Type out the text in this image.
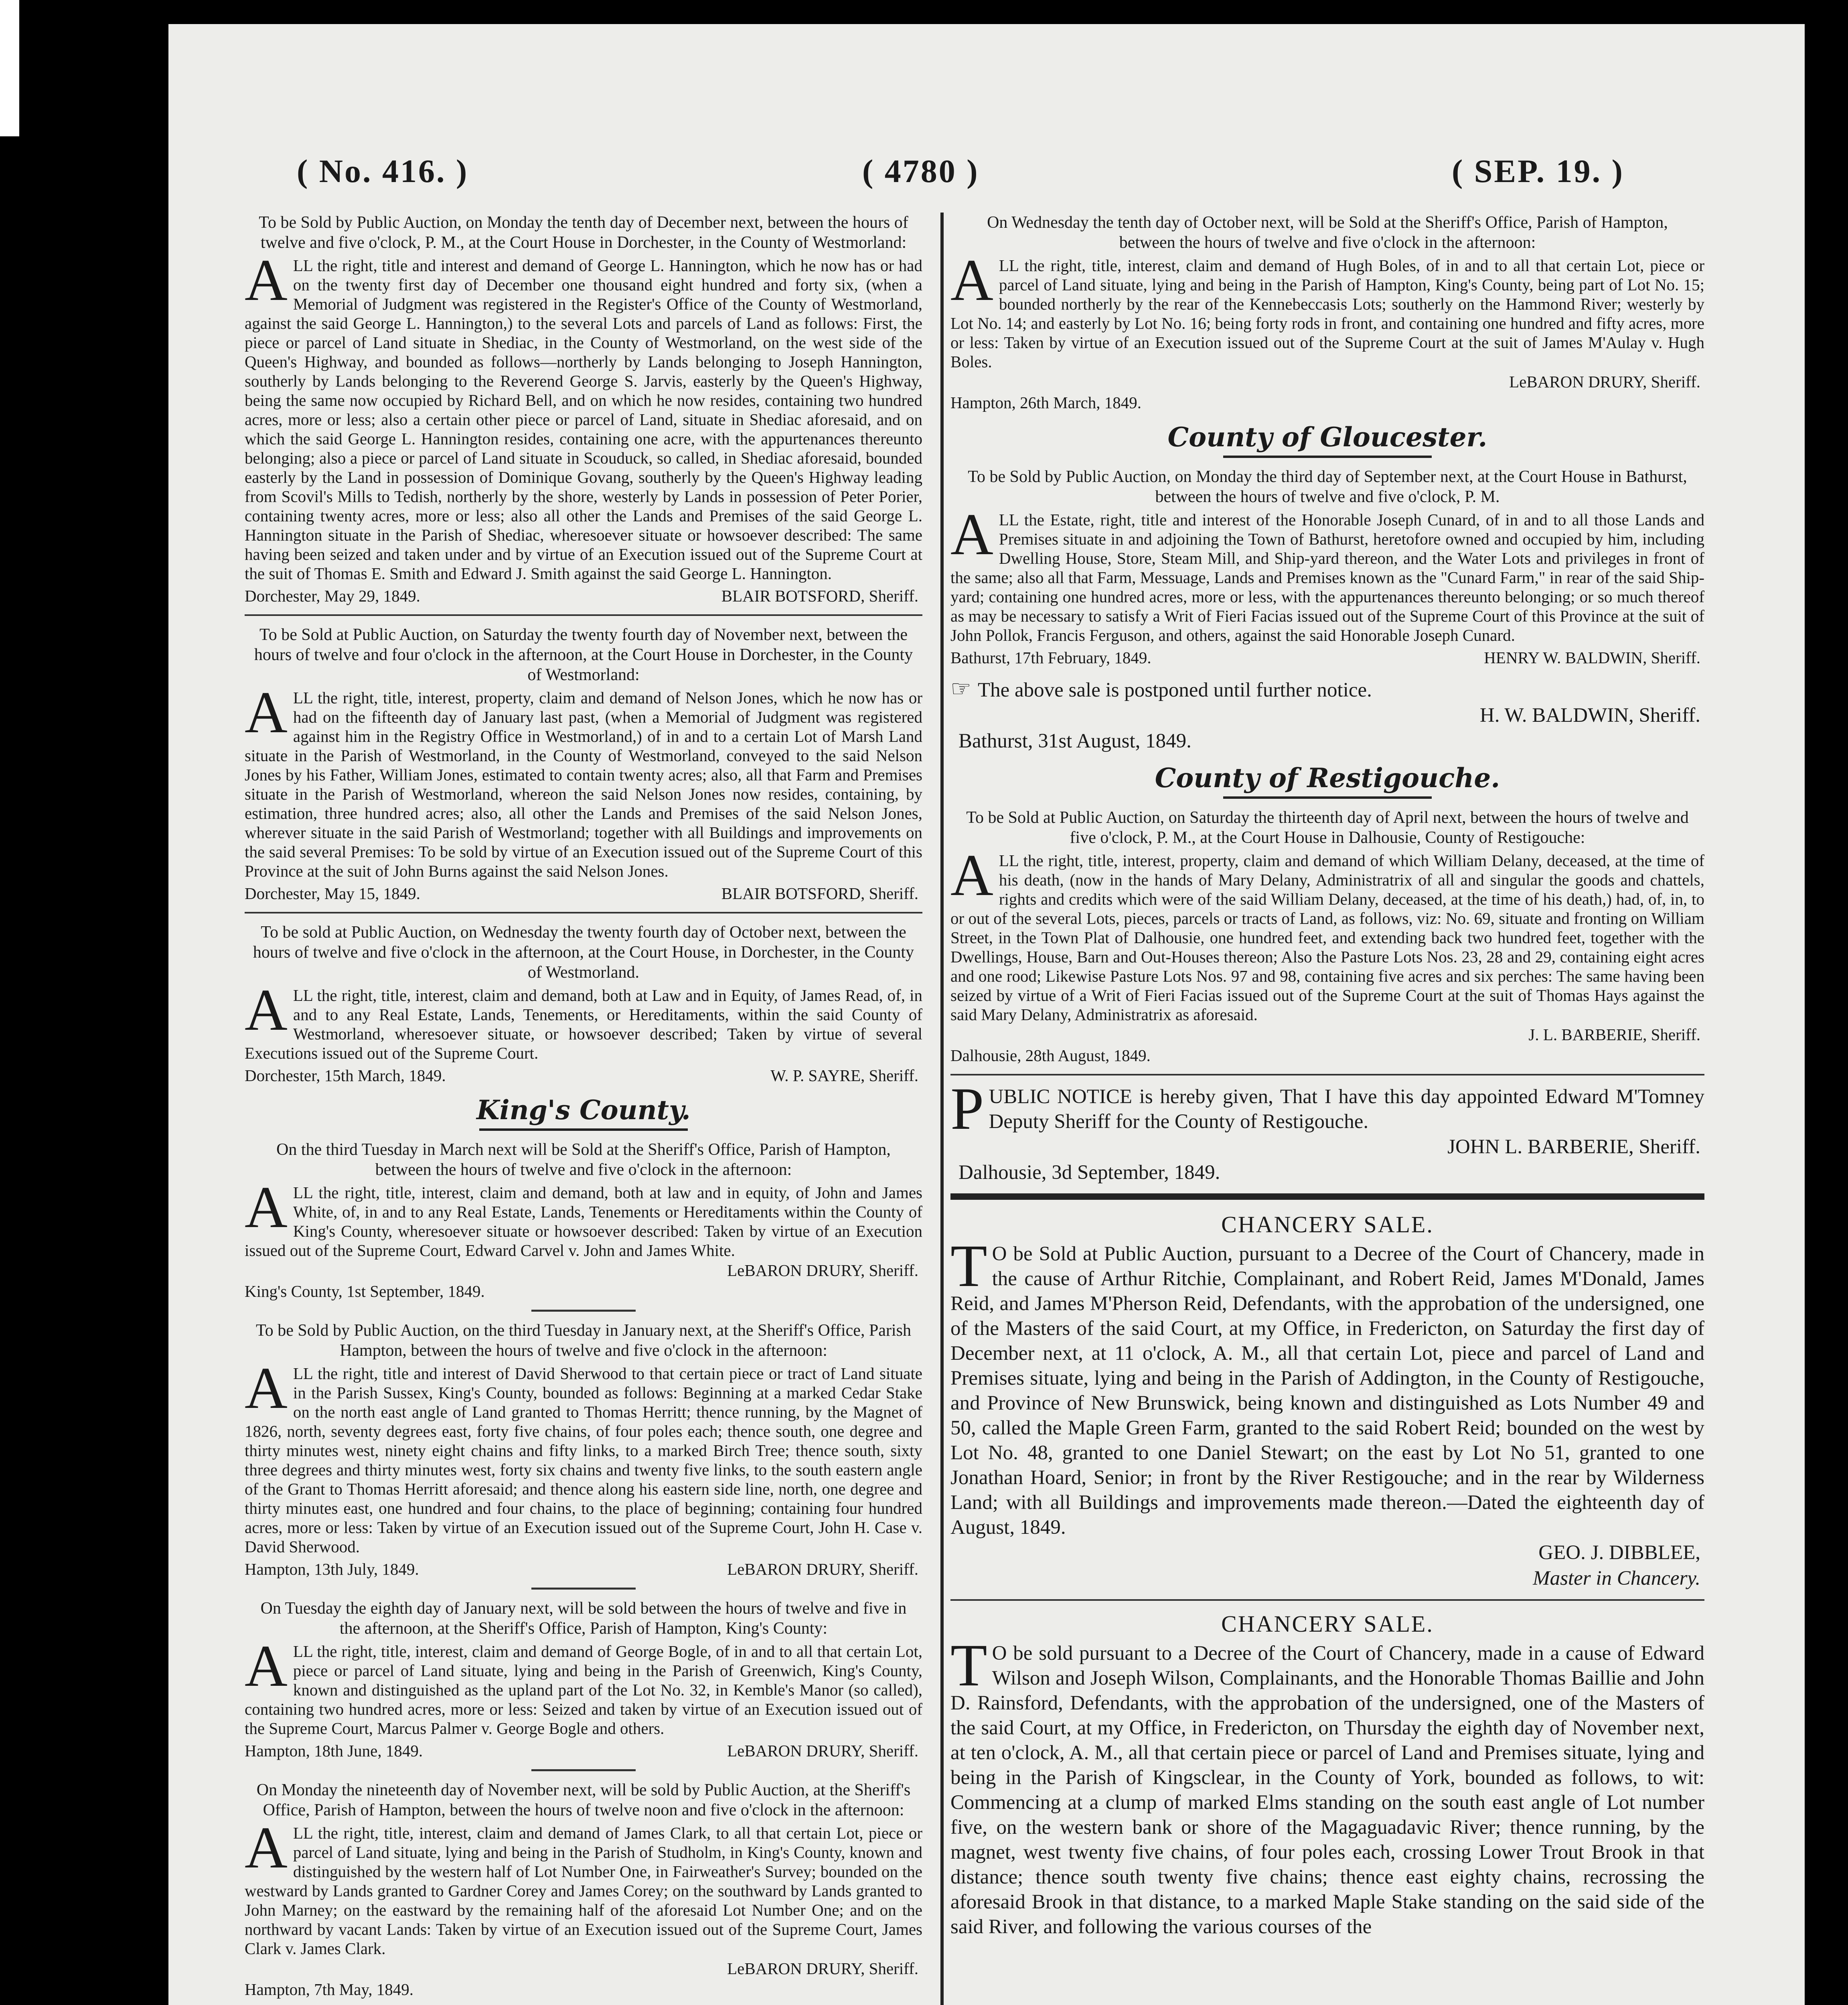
( No. 416. )	( 4780 )	( SEP. 19. )
To be Sold by Public Auction, on Monday the tenth day of December next, between the hours of twelve and five o'clock, P. M., at the Court House in Dorchester, in the County of Westmorland:
ALL the right, title and interest and demand of George L. Hannington, which he now has or had on the twenty first day of December one thousand eight hundred and forty six, (when a Memorial of Judgment was registered in the Register's Office of the County of Westmorland, against the said George L. Hannington,) to the several Lots and parcels of Land as follows: First, the piece or parcel of Land situate in Shediac, in the County of Westmorland, on the west side of the Queen's Highway, and bounded as follows—northerly by Lands belonging to Joseph Hannington, southerly by Lands belonging to the Reverend George S. Jarvis, easterly by the Queen's Highway, being the same now occupied by Richard Bell, and on which he now resides, containing two hundred acres, more or less; also a certain other piece or parcel of Land, situate in Shediac aforesaid, and on which the said George L. Hannington resides, containing one acre, with the appurtenances thereunto belonging; also a piece or parcel of Land situate in Scouduck, so called, in Shediac aforesaid, bounded easterly by the Land in possession of Dominique Govang, southerly by the Queen's Highway leading from Scovil's Mills to Tedish, northerly by the shore, westerly by Lands in possession of Peter Porier, containing twenty acres, more or less; also all other the Lands and Premises of the said George L. Hannington situate in the Parish of Shediac, wheresoever situate or howsoever described: The same having been seized and taken under and by virtue of an Execution issued out of the Supreme Court at the suit of Thomas E. Smith and Edward J. Smith against the said George L. Hannington.
Dorchester, May 29, 1849.	BLAIR BOTSFORD, Sheriff.
To be Sold at Public Auction, on Saturday the twenty fourth day of November next, between the hours of twelve and four o'clock in the afternoon, at the Court House in Dorchester, in the County of Westmorland:
ALL the right, title, interest, property, claim and demand of Nelson Jones, which he now has or had on the fifteenth day of January last past, (when a Memorial of Judgment was registered against him in the Registry Office in Westmorland,) of in and to a certain Lot of Marsh Land situate in the Parish of Westmorland, in the County of Westmorland, conveyed to the said Nelson Jones by his Father, William Jones, estimated to contain twenty acres; also, all that Farm and Premises situate in the Parish of Westmorland, whereon the said Nelson Jones now resides, containing, by estimation, three hundred acres; also, all other the Lands and Premises of the said Nelson Jones, wherever situate in the said Parish of Westmorland; together with all Buildings and improvements on the said several Premises: To be sold by virtue of an Execution issued out of the Supreme Court of this Province at the suit of John Burns against the said Nelson Jones.
Dorchester, May 15, 1849.	BLAIR BOTSFORD, Sheriff.
To be sold at Public Auction, on Wednesday the twenty fourth day of October next, between the hours of twelve and five o'clock in the afternoon, at the Court House, in Dorchester, in the County of Westmorland.
ALL the right, title, interest, claim and demand, both at Law and in Equity, of James Read, of, in and to any Real Estate, Lands, Tenements, or Hereditaments, within the said County of Westmorland, wheresoever situate, or howsoever described; Taken by virtue of several Executions issued out of the Supreme Court.
Dorchester, 15th March, 1849.	W. P. SAYRE, Sheriff.
King's County.
On the third Tuesday in March next will be Sold at the Sheriff's Office, Parish of Hampton, between the hours of twelve and five o'clock in the afternoon:
ALL the right, title, interest, claim and demand, both at law and in equity, of John and James White, of, in and to any Real Estate, Lands, Tenements or Hereditaments within the County of King's County, wheresoever situate or howsoever described: Taken by virtue of an Execution issued out of the Supreme Court, Edward Carvel v. John and James White.
LeBARON DRURY, Sheriff.
King's County, 1st September, 1849.
To be Sold by Public Auction, on the third Tuesday in January next, at the Sheriff's Office, Parish Hampton, between the hours of twelve and five o'clock in the afternoon:
ALL the right, title and interest of David Sherwood to that certain piece or tract of Land situate in the Parish Sussex, King's County, bounded as follows: Beginning at a marked Cedar Stake on the north east angle of Land granted to Thomas Herritt; thence running, by the Magnet of 1826, north, seventy degrees east, forty five chains, of four poles each; thence south, one degree and thirty minutes west, ninety eight chains and fifty links, to a marked Birch Tree; thence south, sixty three degrees and thirty minutes west, forty six chains and twenty five links, to the south eastern angle of the Grant to Thomas Herritt aforesaid; and thence along his eastern side line, north, one degree and thirty minutes east, one hundred and four chains, to the place of beginning; containing four hundred acres, more or less: Taken by virtue of an Execution issued out of the Supreme Court, John H. Case v. David Sherwood.
Hampton, 13th July, 1849.	LeBARON DRURY, Sheriff.
On Tuesday the eighth day of January next, will be sold between the hours of twelve and five in the afternoon, at the Sheriff's Office, Parish of Hampton, King's County:
ALL the right, title, interest, claim and demand of George Bogle, of in and to all that certain Lot, piece or parcel of Land situate, lying and being in the Parish of Greenwich, King's County, known and distinguished as the upland part of the Lot No. 32, in Kemble's Manor (so called), containing two hundred acres, more or less: Seized and taken by virtue of an Execution issued out of the Supreme Court, Marcus Palmer v. George Bogle and others.
Hampton, 18th June, 1849.	LeBARON DRURY, Sheriff.
On Monday the nineteenth day of November next, will be sold by Public Auction, at the Sheriff's Office, Parish of Hampton, between the hours of twelve noon and five o'clock in the afternoon:
ALL the right, title, interest, claim and demand of James Clark, to all that certain Lot, piece or parcel of Land situate, lying and being in the Parish of Studholm, in King's County, known and distinguished by the western half of Lot Number One, in Fairweather's Survey; bounded on the westward by Lands granted to Gardner Corey and James Corey; on the southward by Lands granted to John Marney; on the eastward by the remaining half of the aforesaid Lot Number One; and on the northward by vacant Lands: Taken by virtue of an Execution issued out of the Supreme Court, James Clark v. James Clark.
LeBARON DRURY, Sheriff.
Hampton, 7th May, 1849.
On Wednesday the tenth day of October next, will be Sold at the Sheriff's Office, Parish of Hampton, between the hours of twelve and five o'clock in the afternoon:
ALL the right, title, interest, claim and demand of Hugh Boles, of in and to all that certain Lot, piece or parcel of Land situate, lying and being in the Parish of Hampton, King's County, being part of Lot No. 15; bounded northerly by the rear of the Kennebeccasis Lots; southerly on the Hammond River; westerly by Lot No. 14; and easterly by Lot No. 16; being forty rods in front, and containing one hundred and fifty acres, more or less: Taken by virtue of an Execution issued out of the Supreme Court at the suit of James M'Aulay v. Hugh Boles.
LeBARON DRURY, Sheriff.
Hampton, 26th March, 1849.
County of Gloucester.
To be Sold by Public Auction, on Monday the third day of September next, at the Court House in Bathurst, between the hours of twelve and five o'clock, P. M.
ALL the Estate, right, title and interest of the Honorable Joseph Cunard, of in and to all those Lands and Premises situate in and adjoining the Town of Bathurst, heretofore owned and occupied by him, including Dwelling House, Store, Steam Mill, and Ship-yard thereon, and the Water Lots and privileges in front of the same; also all that Farm, Messuage, Lands and Premises known as the "Cunard Farm," in rear of the said Ship-yard; containing one hundred acres, more or less, with the appurtenances thereunto belonging; or so much thereof as may be necessary to satisfy a Writ of Fieri Facias issued out of the Supreme Court of this Province at the suit of John Pollok, Francis Ferguson, and others, against the said Honorable Joseph Cunard.
Bathurst, 17th February, 1849.	HENRY W. BALDWIN, Sheriff.
☞ The above sale is postponed until further notice.
H. W. BALDWIN, Sheriff.
Bathurst, 31st August, 1849.
County of Restigouche.
To be Sold at Public Auction, on Saturday the thirteenth day of April next, between the hours of twelve and five o'clock, P. M., at the Court House in Dalhousie, County of Restigouche:
ALL the right, title, interest, property, claim and demand of which William Delany, deceased, at the time of his death, (now in the hands of Mary Delany, Administratrix of all and singular the goods and chattels, rights and credits which were of the said William Delany, deceased, at the time of his death,) had, of, in, to or out of the several Lots, pieces, parcels or tracts of Land, as follows, viz: No. 69, situate and fronting on William Street, in the Town Plat of Dalhousie, one hundred feet, and extending back two hundred feet, together with the Dwellings, House, Barn and Out-Houses thereon; Also the Pasture Lots Nos. 23, 28 and 29, containing eight acres and one rood; Likewise Pasture Lots Nos. 97 and 98, containing five acres and six perches: The same having been seized by virtue of a Writ of Fieri Facias issued out of the Supreme Court at the suit of Thomas Hays against the said Mary Delany, Administratrix as aforesaid.
J. L. BARBERIE, Sheriff.
Dalhousie, 28th August, 1849.
PUBLIC NOTICE is hereby given, That I have this day appointed Edward M'Tomney Deputy Sheriff for the County of Restigouche.
JOHN L. BARBERIE, Sheriff.
Dalhousie, 3d September, 1849.
CHANCERY SALE.
T O be Sold at Public Auction, pursuant to a Decree of the Court of Chancery, made in the cause of Arthur Ritchie, Complainant, and Robert Reid, James M'Donald, James Reid, and James M'Pherson Reid, Defendants, with the approbation of the undersigned, one of the Masters of the said Court, at my Office, in Fredericton, on Saturday the first day of December next, at 11 o'clock, A. M., all that certain Lot, piece and parcel of Land and Premises situate, lying and being in the Parish of Addington, in the County of Restigouche, and Province of New Brunswick, being known and distinguished as Lots Number 49 and 50, called the Maple Green Farm, granted to the said Robert Reid; bounded on the west by Lot No. 48, granted to one Daniel Stewart; on the east by Lot No 51, granted to one Jonathan Hoard, Senior; in front by the River Restigouche; and in the rear by Wilderness Land; with all Buildings and improvements made thereon.—Dated the eighteenth day of August, 1849.
GEO. J. DIBBLEE,
Master in Chancery.
CHANCERY SALE.
T O be sold pursuant to a Decree of the Court of Chancery, made in a cause of Edward Wilson and Joseph Wilson, Complainants, and the Honorable Thomas Baillie and John D. Rainsford, Defendants, with the approbation of the undersigned, one of the Masters of the said Court, at my Office, in Fredericton, on Thursday the eighth day of November next, at ten o'clock, A. M., all that certain piece or parcel of Land and Premises situate, lying and being in the Parish of Kingsclear, in the County of York, bounded as follows, to wit: Commencing at a clump of marked Elms standing on the south east angle of Lot number five, on the western bank or shore of the Magaguadavic River; thence running, by the magnet, west twenty five chains, of four poles each, crossing Lower Trout Brook in that distance; thence south twenty five chains; thence east eighty chains, recrossing the aforesaid Brook in that distance, to a marked Maple Stake standing on the said side of the said River, and following the various courses of the
